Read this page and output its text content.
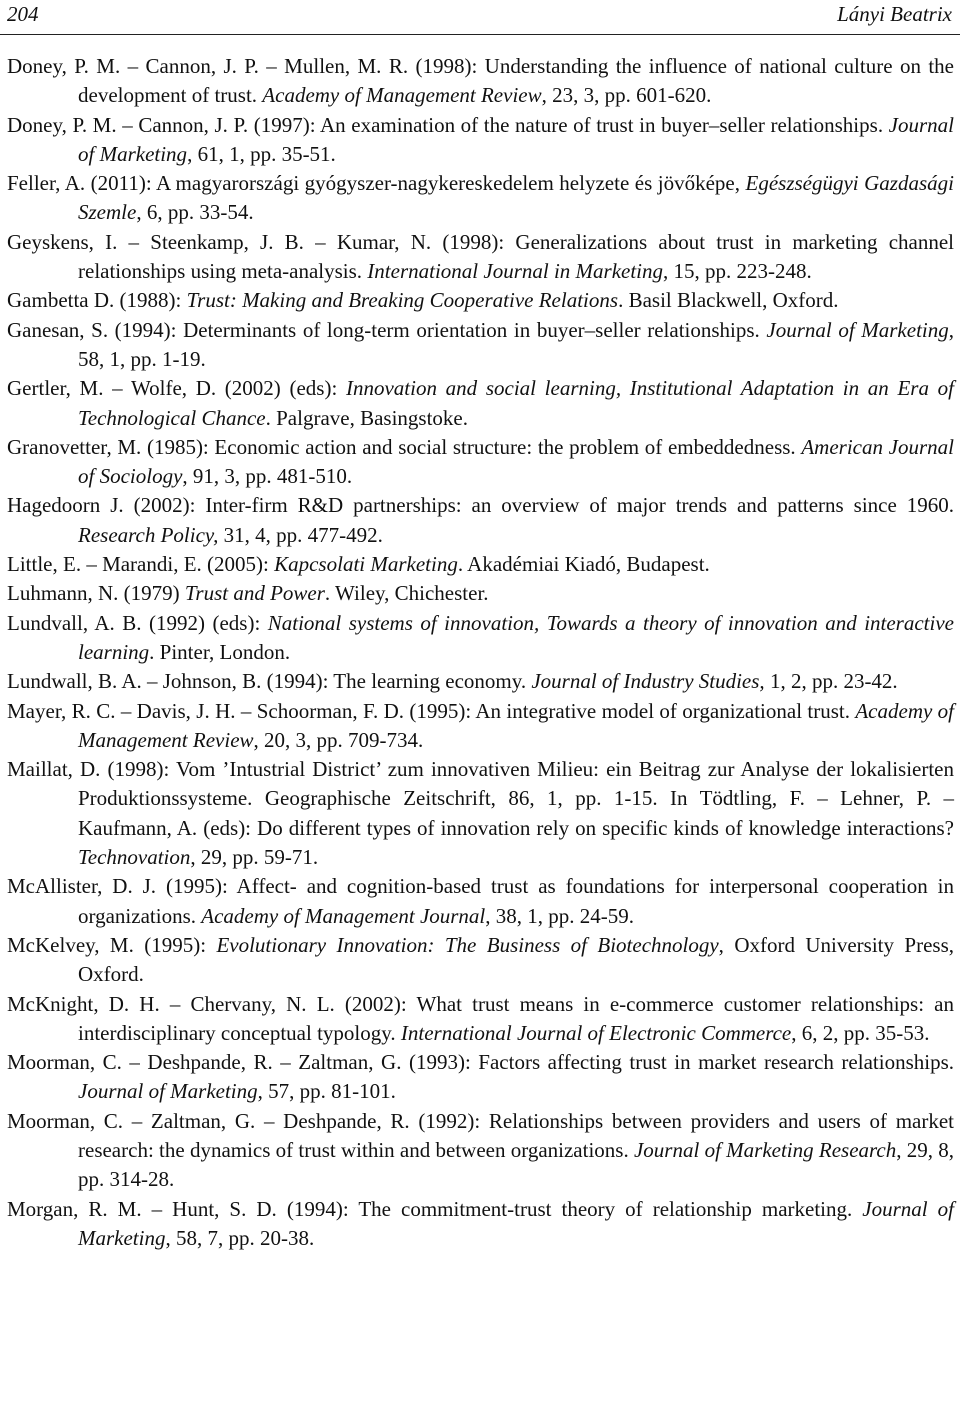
204	Lányi Beatrix

Doney, P. M. – Cannon, J. P. – Mullen, M. R. (1998): Understanding the influence of national culture on the development of trust. Academy of Management Review, 23, 3, pp. 601-620.

Doney, P. M. – Cannon, J. P. (1997): An examination of the nature of trust in buyer–seller relationships. Journal of Marketing, 61, 1, pp. 35-51.

Feller, A. (2011): A magyarországi gyógyszer-nagykereskedelem helyzete és jövőképe, Egészségügyi Gazdasági Szemle, 6, pp. 33-54.

Geyskens, I. – Steenkamp, J. B. – Kumar, N. (1998): Generalizations about trust in marketing channel relationships using meta-analysis. International Journal in Marketing, 15, pp. 223-248.

Gambetta D. (1988): Trust: Making and Breaking Cooperative Relations. Basil Blackwell, Oxford.

Ganesan, S. (1994): Determinants of long-term orientation in buyer–seller relationships. Journal of Marketing, 58, 1, pp. 1-19.

Gertler, M. – Wolfe, D. (2002) (eds): Innovation and social learning, Institutional Adaptation in an Era of Technological Chance. Palgrave, Basingstoke.

Granovetter, M. (1985): Economic action and social structure: the problem of embeddedness. American Journal of Sociology, 91, 3, pp. 481-510.

Hagedoorn J. (2002): Inter-firm R&D partnerships: an overview of major trends and patterns since 1960. Research Policy, 31, 4, pp. 477-492.

Little, E. – Marandi, E. (2005): Kapcsolati Marketing. Akadémiai Kiadó, Budapest.

Luhmann, N. (1979) Trust and Power. Wiley, Chichester.

Lundvall, A. B. (1992) (eds): National systems of innovation, Towards a theory of innovation and interactive learning. Pinter, London.

Lundwall, B. A. – Johnson, B. (1994): The learning economy. Journal of Industry Studies, 1, 2, pp. 23-42.

Mayer, R. C. – Davis, J. H. – Schoorman, F. D. (1995): An integrative model of organizational trust. Academy of Management Review, 20, 3, pp. 709-734.

Maillat, D. (1998): Vom ’Intustrial District’ zum innovativen Milieu: ein Beitrag zur Analyse der lokalisierten Produktionssysteme. Geographische Zeitschrift, 86, 1, pp. 1-15. In Tödtling, F. – Lehner, P. – Kaufmann, A. (eds): Do different types of innovation rely on specific kinds of knowledge interactions? Technovation, 29, pp. 59-71.

McAllister, D. J. (1995): Affect- and cognition-based trust as foundations for interpersonal cooperation in organizations. Academy of Management Journal, 38, 1, pp. 24-59.

McKelvey, M. (1995): Evolutionary Innovation: The Business of Biotechnology, Oxford University Press, Oxford.

McKnight, D. H. – Chervany, N. L. (2002): What trust means in e-commerce customer relationships: an interdisciplinary conceptual typology. International Journal of Electronic Commerce, 6, 2, pp. 35-53.

Moorman, C. – Deshpande, R. – Zaltman, G. (1993): Factors affecting trust in market research relationships. Journal of Marketing, 57, pp. 81-101.

Moorman, C. – Zaltman, G. – Deshpande, R. (1992): Relationships between providers and users of market research: the dynamics of trust within and between organizations. Journal of Marketing Research, 29, 8, pp. 314-28.

Morgan, R. M. – Hunt, S. D. (1994): The commitment-trust theory of relationship marketing. Journal of Marketing, 58, 7, pp. 20-38.
